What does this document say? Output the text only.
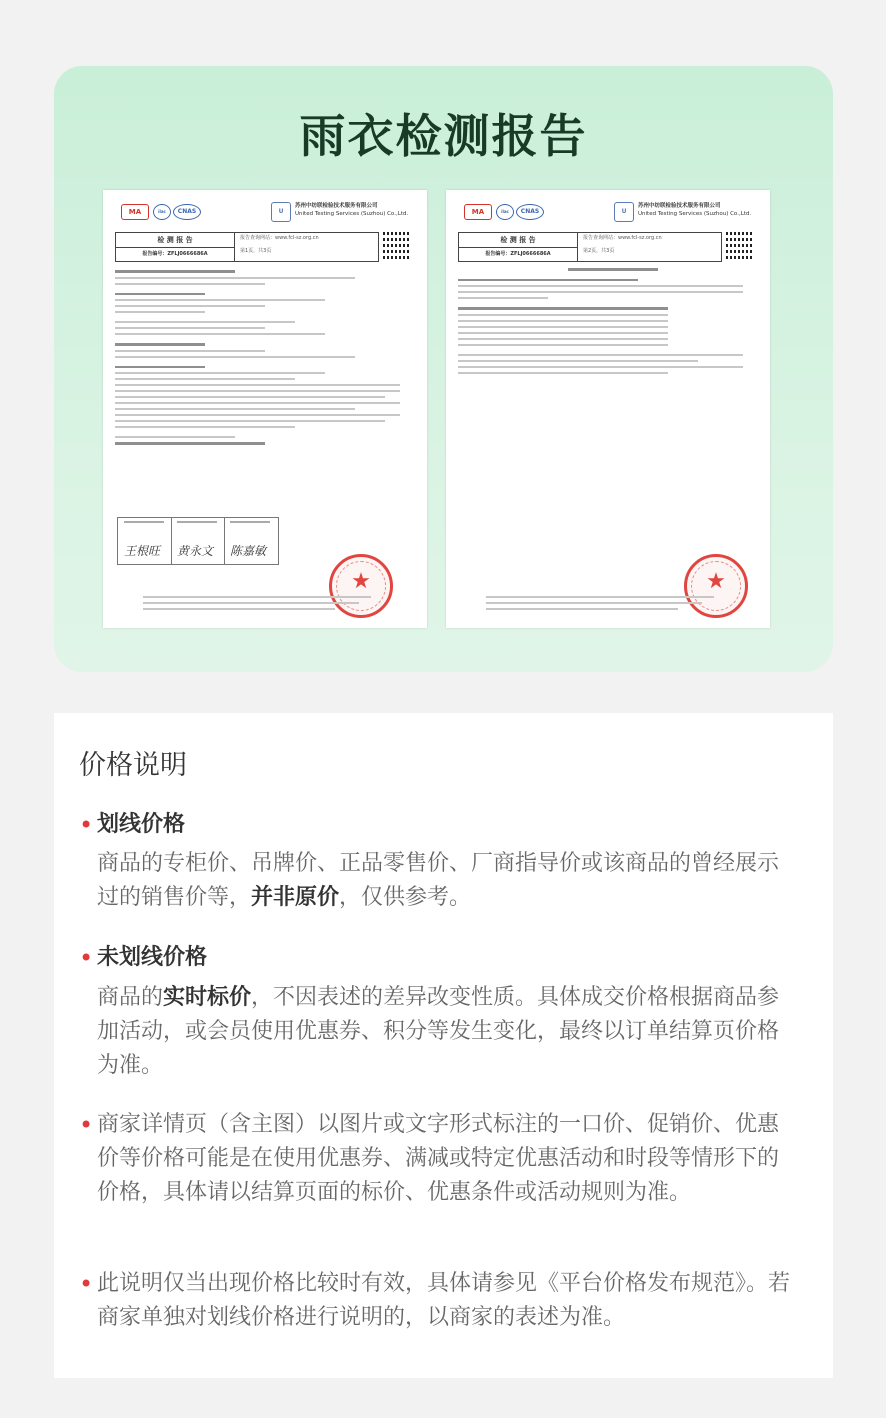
雨衣检测报告
MA	ilac	CNAS	U
苏州中纺联检验技术服务有限公司
United Testing Services (Suzhou) Co.,Ltd.
检 测 报 告
报告编号：ZFLJ0666686A
报告查询网站：www.fcl-sz.org.cn
第1页，共3页
王根旺 黄永文 陈嘉敏
★
MA	ilac	CNAS	U
苏州中纺联检验技术服务有限公司
United Testing Services (Suzhou) Co.,Ltd.
检 测 报 告
报告编号：ZFLJ0666686A
报告查询网站：www.fcl-sz.org.cn
第2页，共3页
★
价格说明
• 划线价格
商品的专柜价、吊牌价、正品零售价、厂商指导价或该商品的曾经展示过的销售价等，并非原价，仅供参考。
• 未划线价格
商品的实时标价，不因表述的差异改变性质。具体成交价格根据商品参加活动，或会员使用优惠券、积分等发生变化，最终以订单结算页价格为准。
• 商家详情页（含主图）以图片或文字形式标注的一口价、促销价、优惠价等价格可能是在使用优惠券、满减或特定优惠活动和时段等情形下的价格，具体请以结算页面的标价、优惠条件或活动规则为准。
• 此说明仅当出现价格比较时有效，具体请参见《平台价格发布规范》。若商家单独对划线价格进行说明的，以商家的表述为准。
